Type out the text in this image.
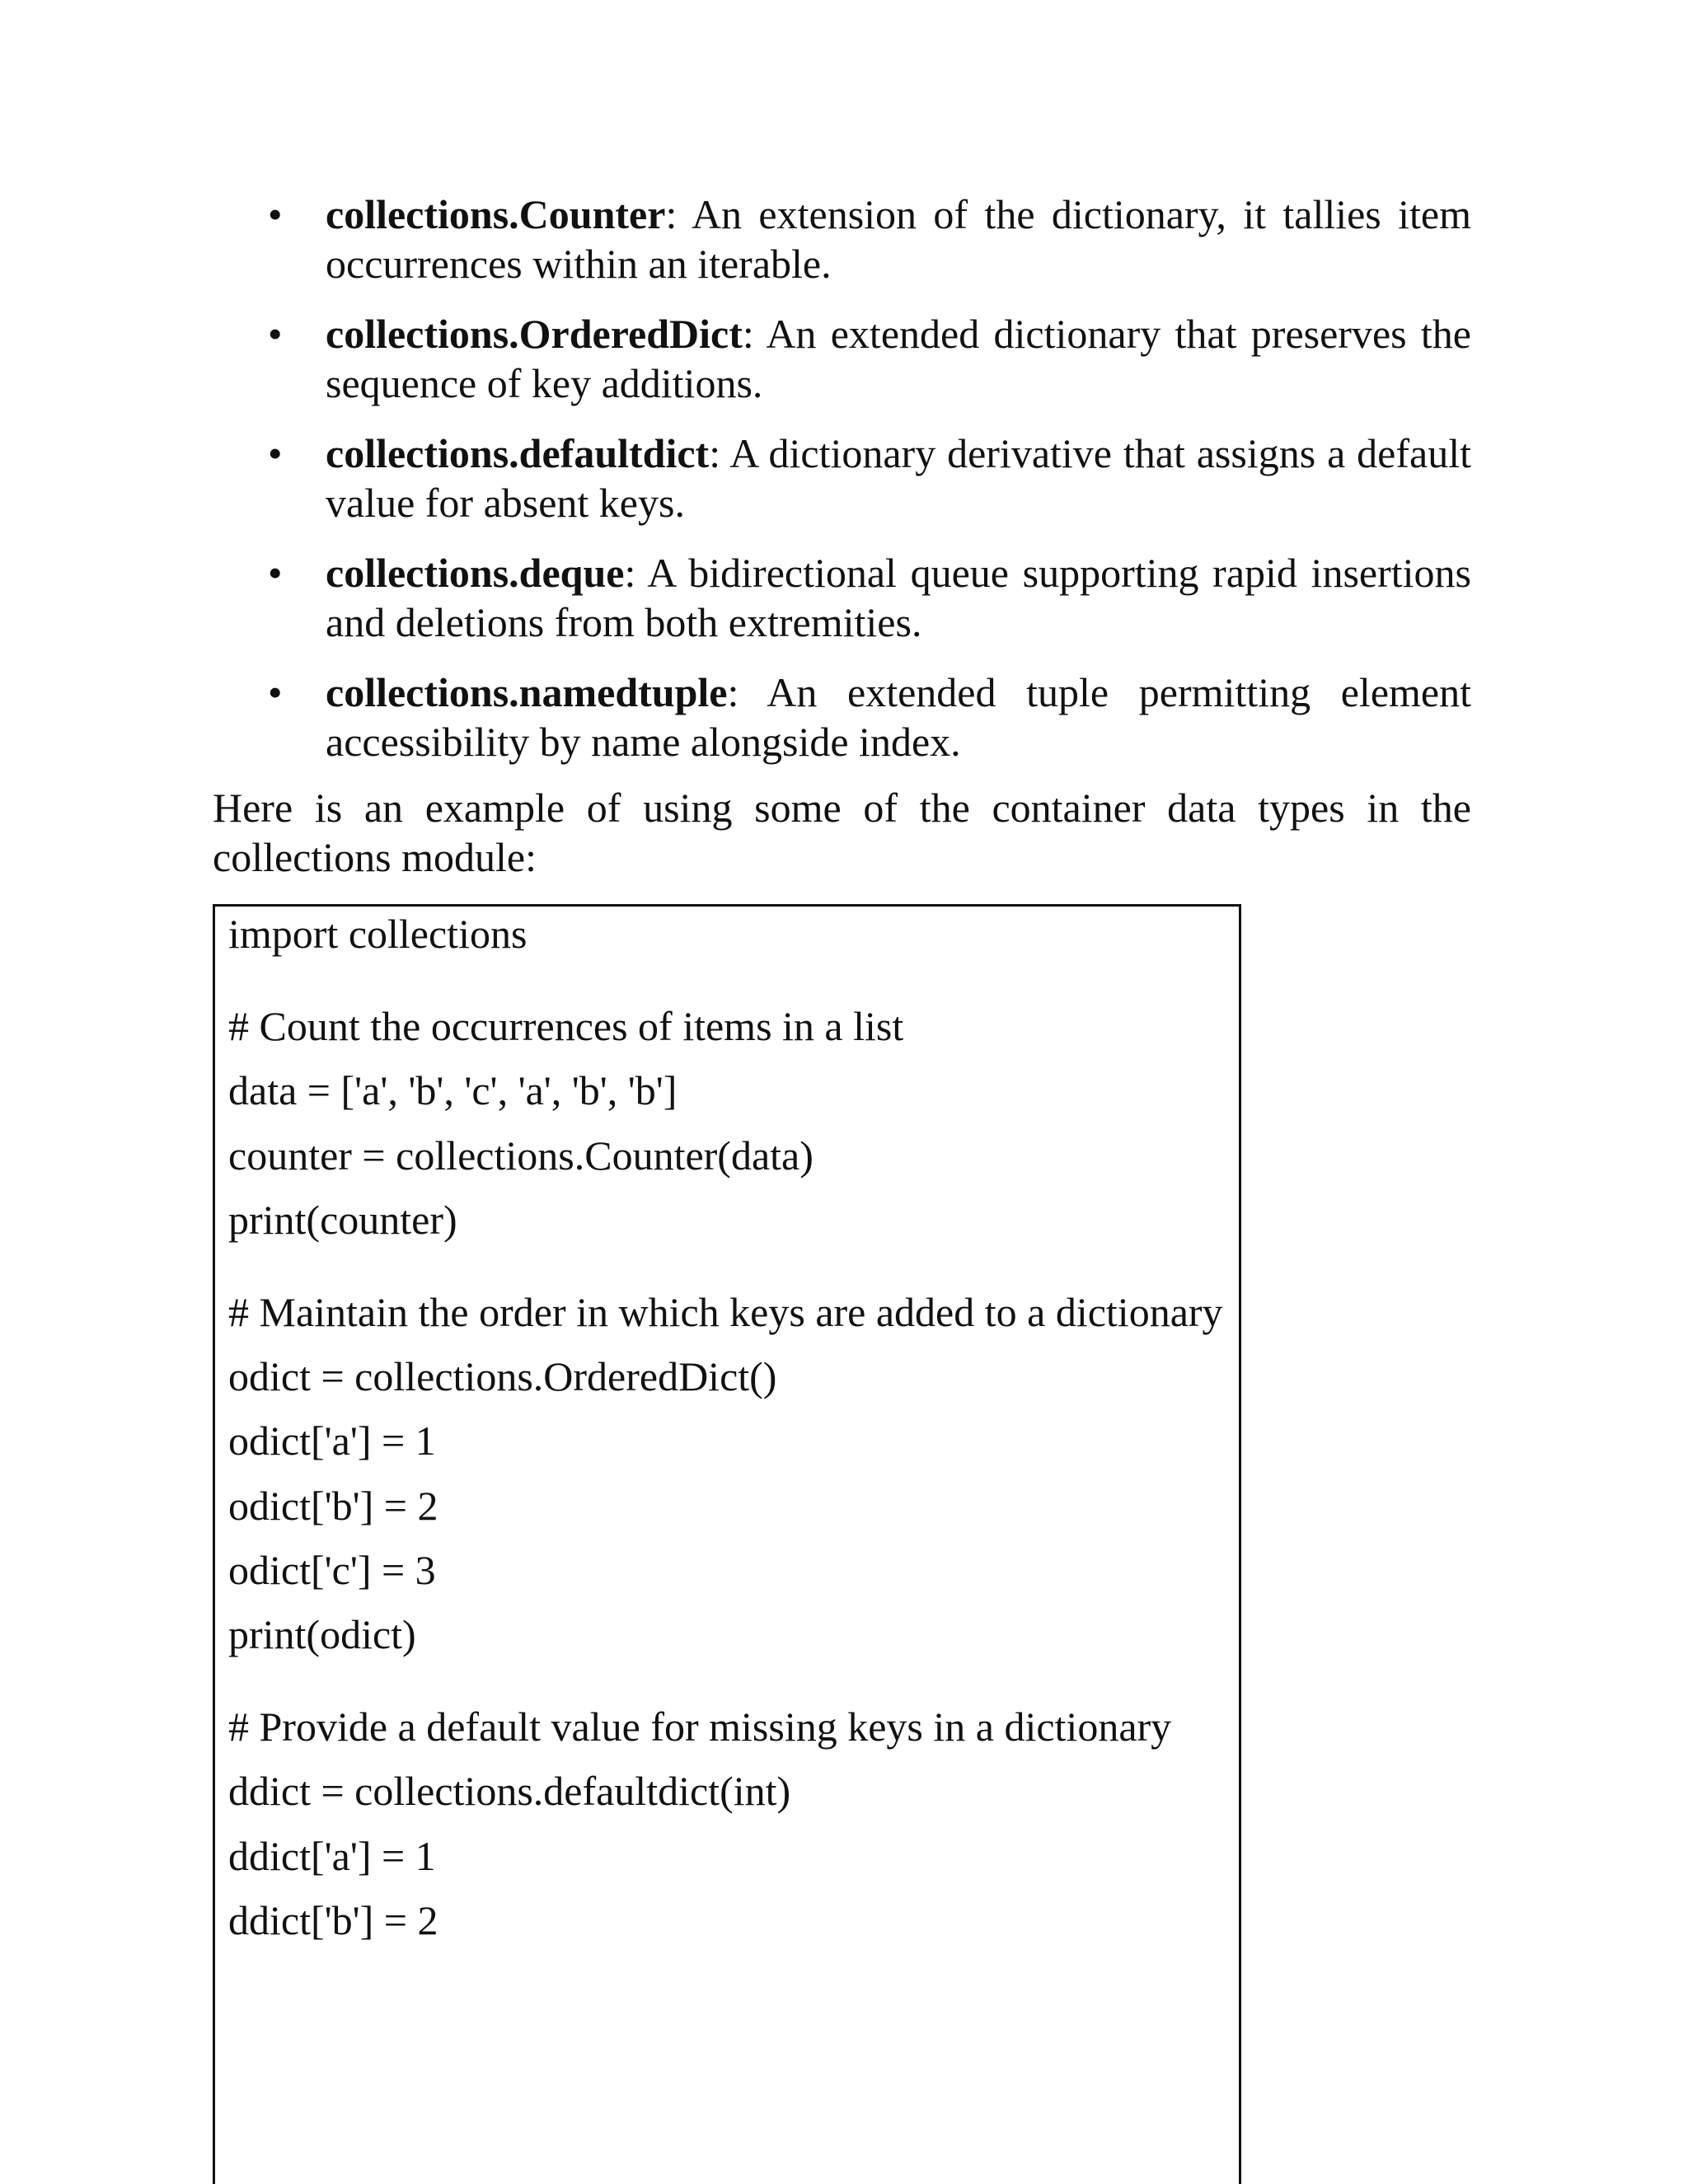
• collections.Counter: An extension of the dictionary, it tallies item occurrences within an iterable.
• collections.OrderedDict: An extended dictionary that preserves the sequence of key additions.
• collections.defaultdict: A dictionary derivative that assigns a default value for absent keys.
• collections.deque: A bidirectional queue supporting rapid insertions and deletions from both extremities.
• collections.namedtuple: An extended tuple permitting element accessibility by name alongside index.

Here is an example of using some of the container data types in the collections module:

import collections
# Count the occurrences of items in a list
data = ['a', 'b', 'c', 'a', 'b', 'b']
counter = collections.Counter(data)
print(counter)
# Maintain the order in which keys are added to a dictionary
odict = collections.OrderedDict()
odict['a'] = 1
odict['b'] = 2
odict['c'] = 3
print(odict)
# Provide a default value for missing keys in a dictionary
ddict = collections.defaultdict(int)
ddict['a'] = 1
ddict['b'] = 2
